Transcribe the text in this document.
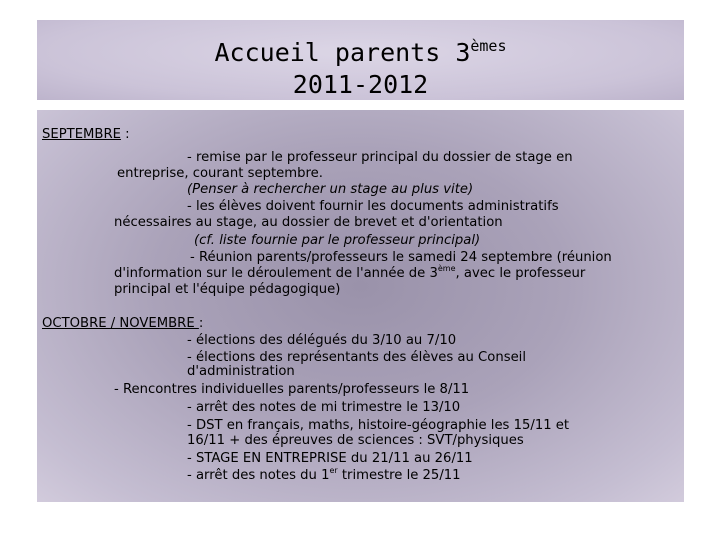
Accueil parents 3èmes
2011-2012
SEPTEMBRE :
- remise par le professeur principal du dossier de stage en
entreprise, courant septembre.
(Penser à rechercher un stage au plus vite)
- les élèves doivent fournir les documents administratifs
nécessaires au stage, au dossier de brevet et d'orientation
(cf. liste fournie par le professeur principal)
- Réunion parents/professeurs le samedi 24 septembre (réunion
d'information sur le déroulement de l'année de 3ème, avec le professeur
principal et l'équipe pédagogique)
OCTOBRE / NOVEMBRE :
- élections des délégués du 3/10 au 7/10
- élections des représentants des élèves au Conseil
d'administration
- Rencontres individuelles parents/professeurs le 8/11
- arrêt des notes de mi trimestre le 13/10
- DST en français, maths, histoire-géographie les 15/11 et
16/11 + des épreuves de sciences : SVT/physiques
- STAGE EN ENTREPRISE du 21/11 au 26/11
- arrêt des notes du 1er trimestre le 25/11
